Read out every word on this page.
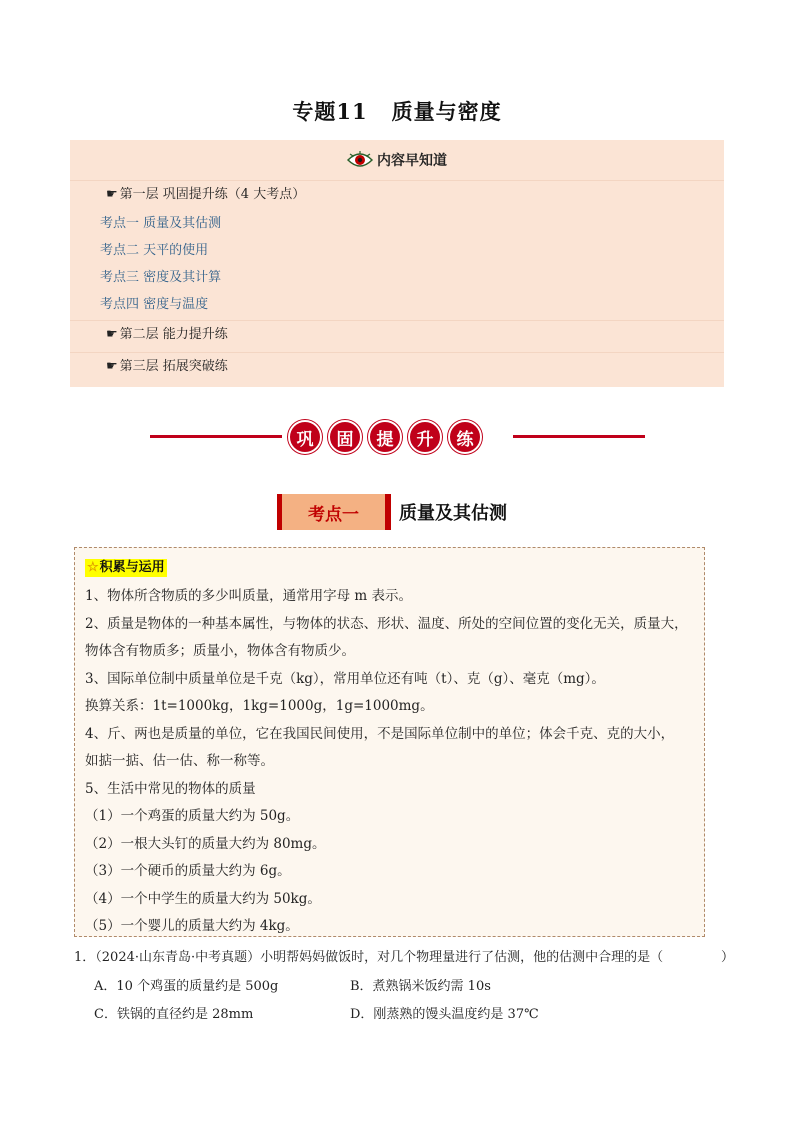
专题11 质量与密度
内容早知道
☛ 第一层 巩固提升练（4 大考点）
考点一 质量及其估测
考点二 天平的使用
考点三 密度及其计算
考点四 密度与温度
☛ 第二层 能力提升练
☛ 第三层 拓展突破练
巩	固	提	升	练
考点一	质量及其估测
☆积累与运用

1、物体所含物质的多少叫质量，通常用字母 m 表示。

2、质量是物体的一种基本属性，与物体的状态、形状、温度、所处的空间位置的变化无关，质量大，

物体含有物质多；质量小，物体含有物质少。

3、国际单位制中质量单位是千克（kg），常用单位还有吨（t）、克（g）、毫克（mg）。

换算关系：1t=1000kg，1kg=1000g，1g=1000mg。

4、斤、两也是质量的单位，它在我国民间使用，不是国际单位制中的单位；体会千克、克的大小，

如掂一掂、估一估、称一称等。

5、生活中常见的物体的质量

（1）一个鸡蛋的质量大约为 50g。

（2）一根大头钉的质量大约为 80mg。

（3）一个硬币的质量大约为 6g。

（4）一个中学生的质量大约为 50kg。

（5）一个婴儿的质量大约为 4kg。

1．（2024·山东青岛·中考真题）小明帮妈妈做饭时，对几个物理量进行了估测，他的估测中合理的是（	）
A．10 个鸡蛋的质量约是 500g	B．煮熟锅米饭约需 10s
C．铁锅的直径约是 28mm	D．刚蒸熟的馒头温度约是 37℃
